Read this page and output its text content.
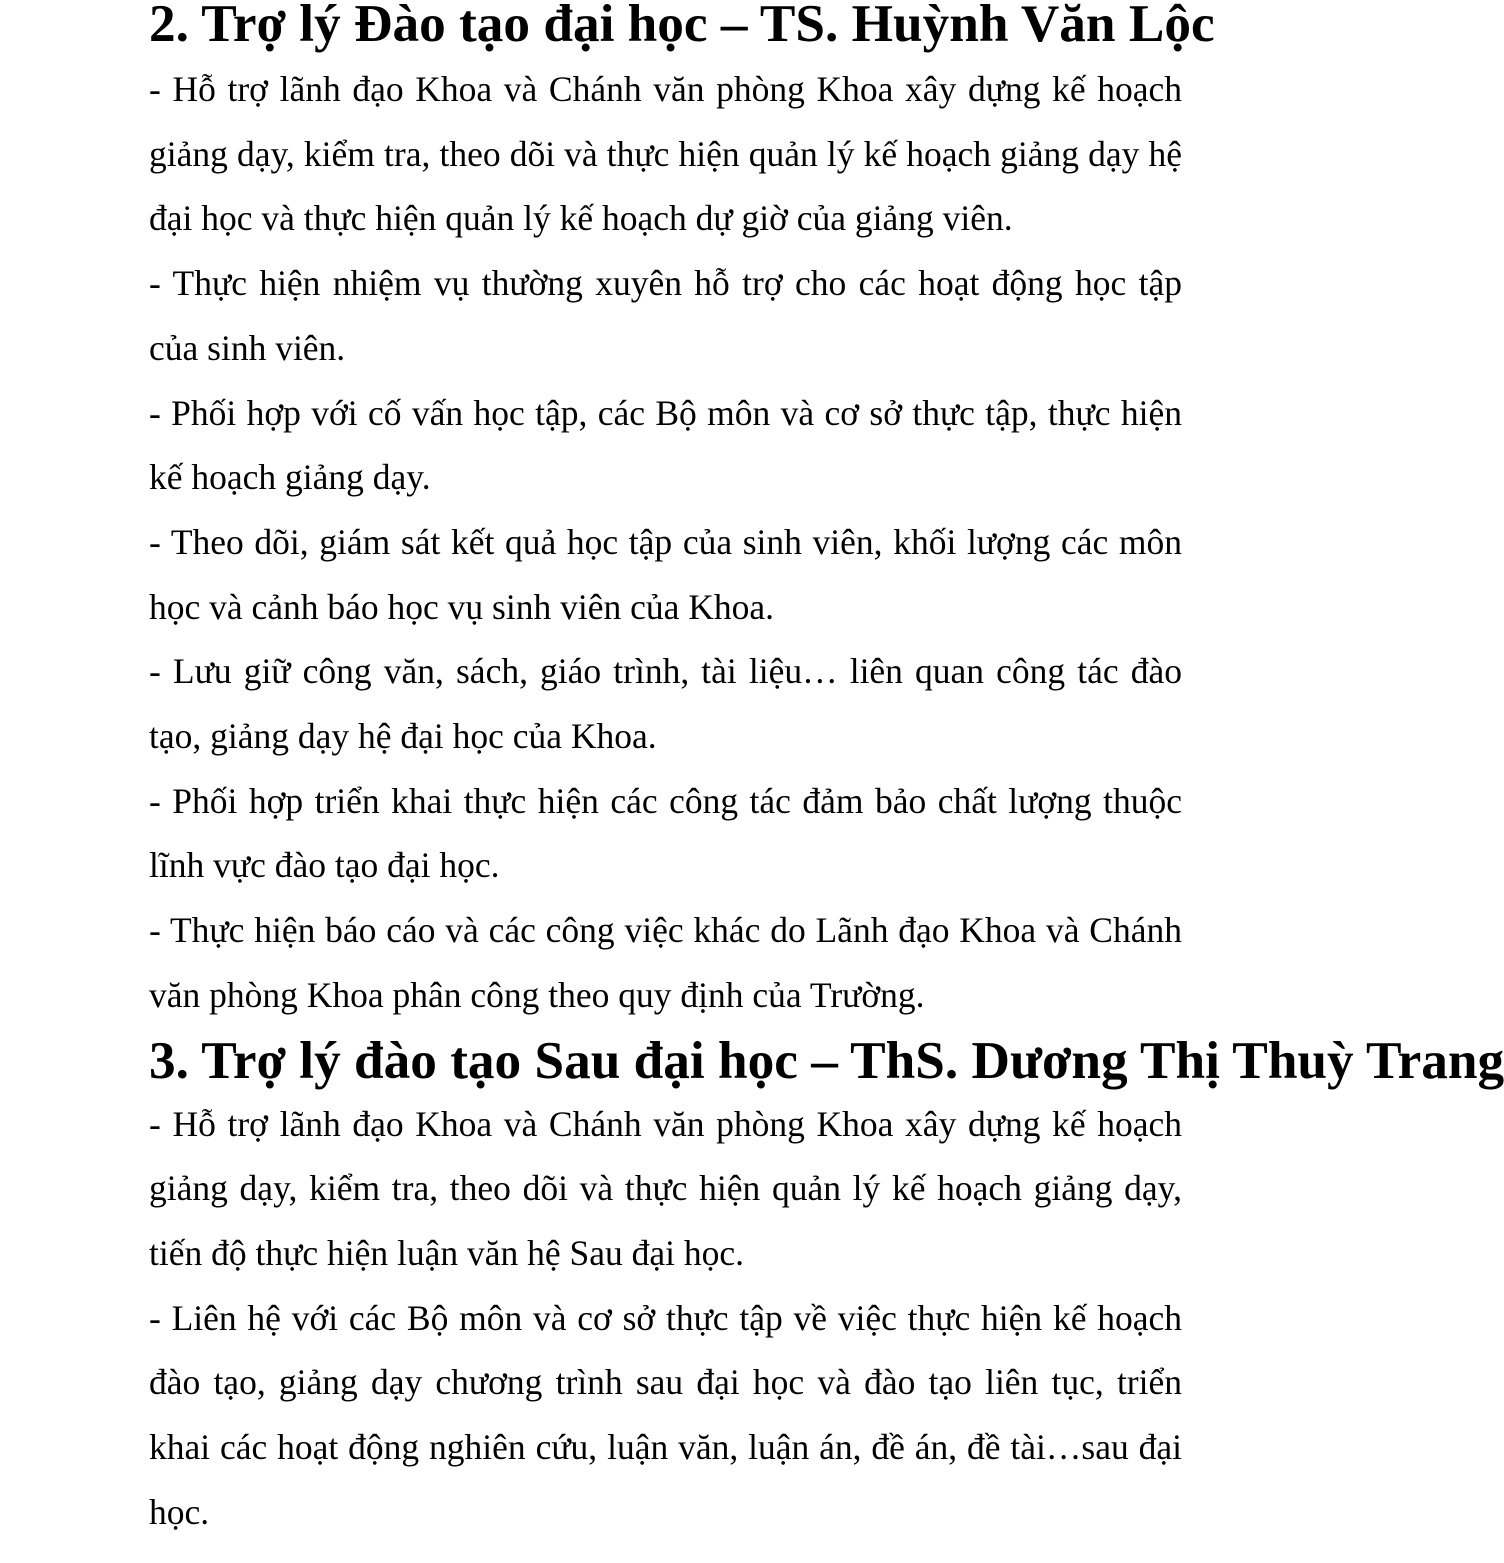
2. Trợ lý Đào tạo đại học – TS. Huỳnh Văn Lộc

- Hỗ trợ lãnh đạo Khoa và Chánh văn phòng Khoa xây dựng kế hoạch giảng dạy, kiểm tra, theo dõi và thực hiện quản lý kế hoạch giảng dạy hệ đại học và thực hiện quản lý kế hoạch dự giờ của giảng viên.

- Thực hiện nhiệm vụ thường xuyên hỗ trợ cho các hoạt động học tập của sinh viên.

- Phối hợp với cố vấn học tập, các Bộ môn và cơ sở thực tập, thực hiện kế hoạch giảng dạy.

- Theo dõi, giám sát kết quả học tập của sinh viên, khối lượng các môn học và cảnh báo học vụ sinh viên của Khoa.

- Lưu giữ công văn, sách, giáo trình, tài liệu… liên quan công tác đào tạo, giảng dạy hệ đại học của Khoa.

- Phối hợp triển khai thực hiện các công tác đảm bảo chất lượng thuộc lĩnh vực đào tạo đại học.

- Thực hiện báo cáo và các công việc khác do Lãnh đạo Khoa và Chánh văn phòng Khoa phân công theo quy định của Trường.

3. Trợ lý đào tạo Sau đại học – ThS. Dương Thị Thuỳ Trang

- Hỗ trợ lãnh đạo Khoa và Chánh văn phòng Khoa xây dựng kế hoạch giảng dạy, kiểm tra, theo dõi và thực hiện quản lý kế hoạch giảng dạy, tiến độ thực hiện luận văn hệ Sau đại học.

- Liên hệ với các Bộ môn và cơ sở thực tập về việc thực hiện kế hoạch đào tạo, giảng dạy chương trình sau đại học và đào tạo liên tục, triển khai các hoạt động nghiên cứu, luận văn, luận án, đề án, đề tài…sau đại học.
